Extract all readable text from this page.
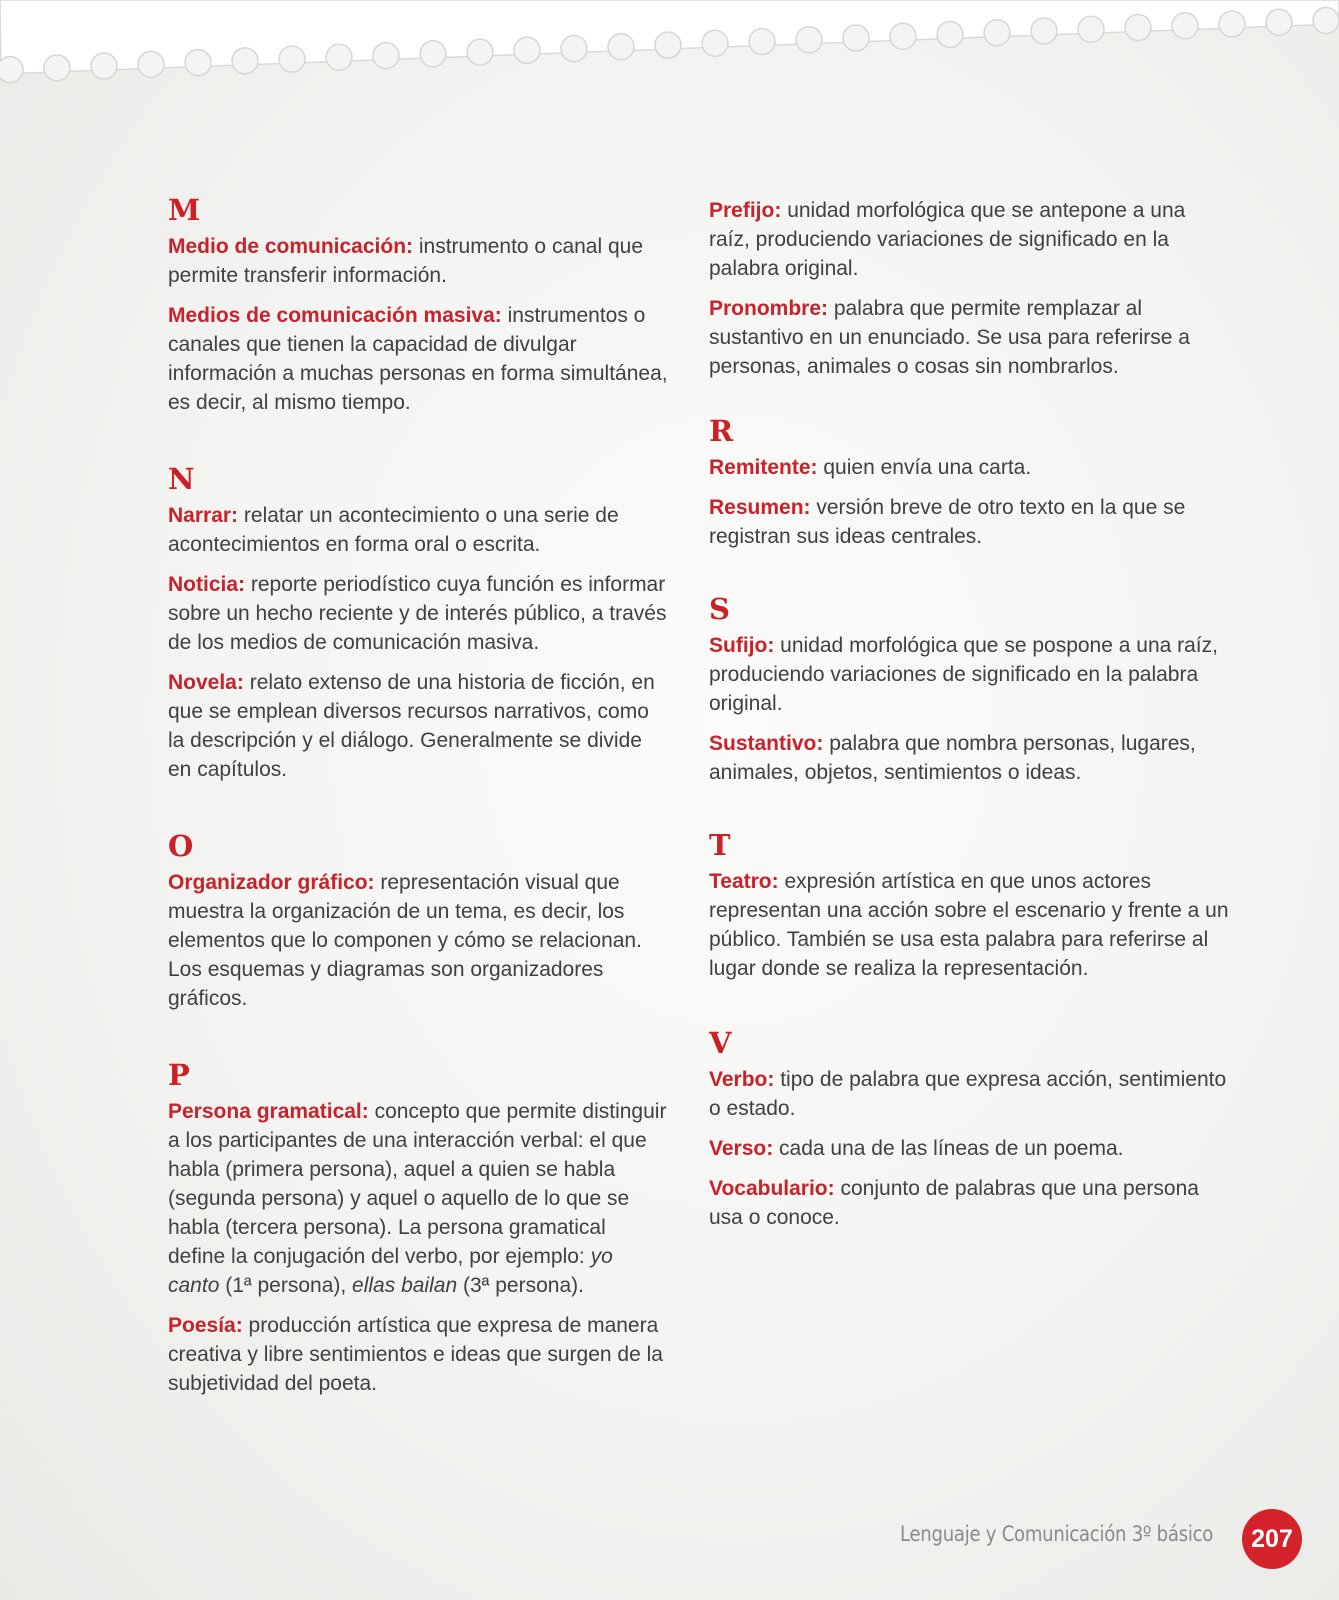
M

Medio de comunicación: instrumento o canal que permite transferir información.

Medios de comunicación masiva: instrumentos o canales que tienen la capacidad de divulgar información a muchas personas en forma simultánea, es decir, al mismo tiempo.

N

Narrar: relatar un acontecimiento o una serie de acontecimientos en forma oral o escrita.

Noticia: reporte periodístico cuya función es informar sobre un hecho reciente y de interés público, a través de los medios de comunicación masiva.

Novela: relato extenso de una historia de ficción, en que se emplean diversos recursos narrativos, como la descripción y el diálogo. Generalmente se divide en capítulos.

O

Organizador gráfico: representación visual que muestra la organización de un tema, es decir, los elementos que lo componen y cómo se relacionan. Los esquemas y diagramas son organizadores gráficos.

P

Persona gramatical: concepto que permite distinguir a los participantes de una interacción verbal: el que habla (primera persona), aquel a quien se habla (segunda persona) y aquel o aquello de lo que se habla (tercera persona). La persona gramatical define la conjugación del verbo, por ejemplo: yo canto (1ª persona), ellas bailan (3ª persona).

Poesía: producción artística que expresa de manera creativa y libre sentimientos e ideas que surgen de la subjetividad del poeta.

Prefijo: unidad morfológica que se antepone a una raíz, produciendo variaciones de significado en la palabra original.

Pronombre: palabra que permite remplazar al sustantivo en un enunciado. Se usa para referirse a personas, animales o cosas sin nombrarlos.

R

Remitente: quien envía una carta.

Resumen: versión breve de otro texto en la que se registran sus ideas centrales.

S

Sufijo: unidad morfológica que se pospone a una raíz, produciendo variaciones de significado en la palabra original.

Sustantivo: palabra que nombra personas, lugares, animales, objetos, sentimientos o ideas.

T

Teatro: expresión artística en que unos actores representan una acción sobre el escenario y frente a un público. También se usa esta palabra para referirse al lugar donde se realiza la representación.

V

Verbo: tipo de palabra que expresa acción, sentimiento o estado.

Verso: cada una de las líneas de un poema.

Vocabulario: conjunto de palabras que una persona usa o conoce.

Lenguaje y Comunicación 3º básico	207
